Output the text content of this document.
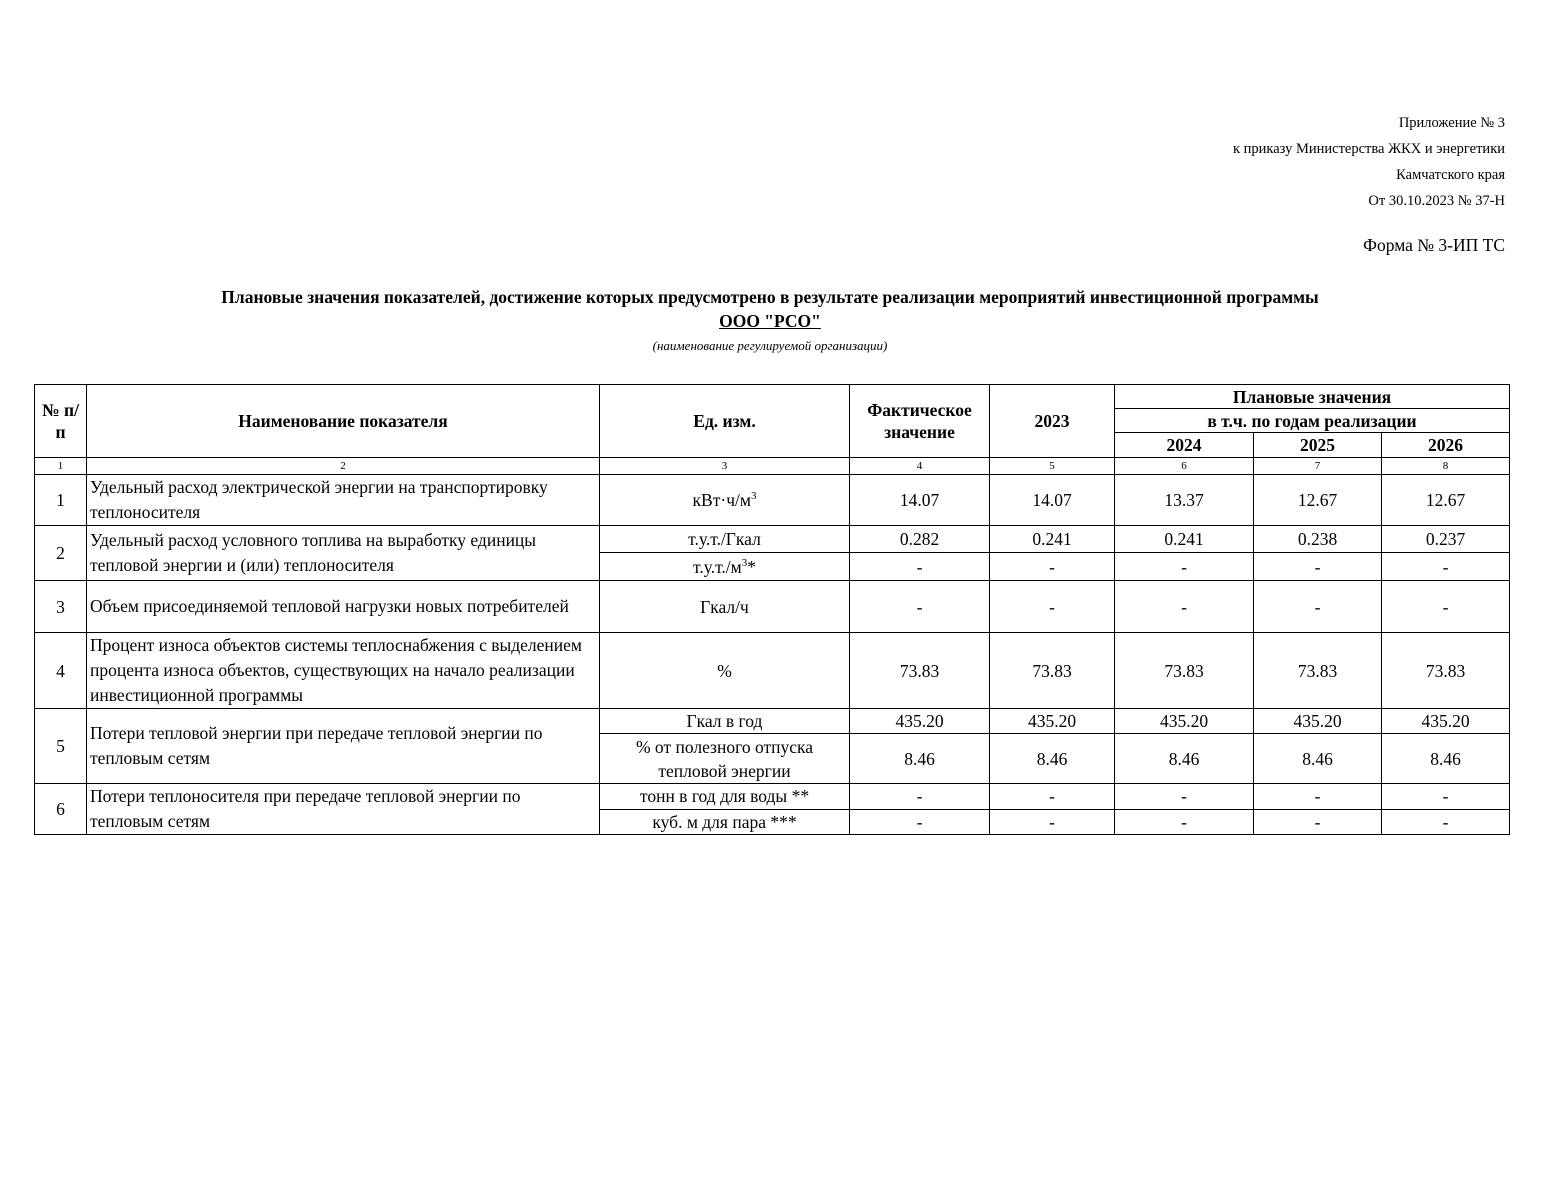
Приложение № 3
к приказу Министерства ЖКХ и энергетики
Камчатского края
От 30.10.2023 № 37-Н
Форма № 3-ИП ТС
Плановые значения показателей, достижение которых предусмотрено в результате реализации мероприятий инвестиционной программы
ООО "РСО"
(наименование регулируемой организации)
№ п/п	Наименование показателя	Ед. изм.	Фактическое значение	2023	Плановые значения		
					в т.ч. по годам реализации		
					2024	2025	2026
1	2	3	4	5	6	7	8
1	Удельный расход электрической энергии на транспортировку теплоносителя	$кВт\cdot ч/м^3$	14.07	14.07	13.37	12.67	12.67
2	Удельный расход условного топлива на выработку единицы тепловой энергии и (или) теплоносителя	т.у.т./Гкал	0.282	0.241	0.241	0.238	0.237
		$т.у.т./м^3*$	-	-	-	-	-
3	Объем присоединяемой тепловой нагрузки новых потребителей	Гкал/ч	-	-	-	-	-
4	Процент износа объектов системы теплоснабжения с выделением процента износа объектов, существующих на начало реализации инвестиционной программы	%	73.83	73.83	73.83	73.83	73.83
5	Потери тепловой энергии при передаче тепловой энергии по тепловым сетям	Гкал в год	435.20	435.20	435.20	435.20	435.20
		% от полезного отпуска тепловой энергии	8.46	8.46	8.46	8.46	8.46
6	Потери теплоносителя при передаче тепловой энергии по тепловым сетям	тонн в год для воды **	-	-	-	-	-
		куб. м для пара ***	-	-	-	-	-
